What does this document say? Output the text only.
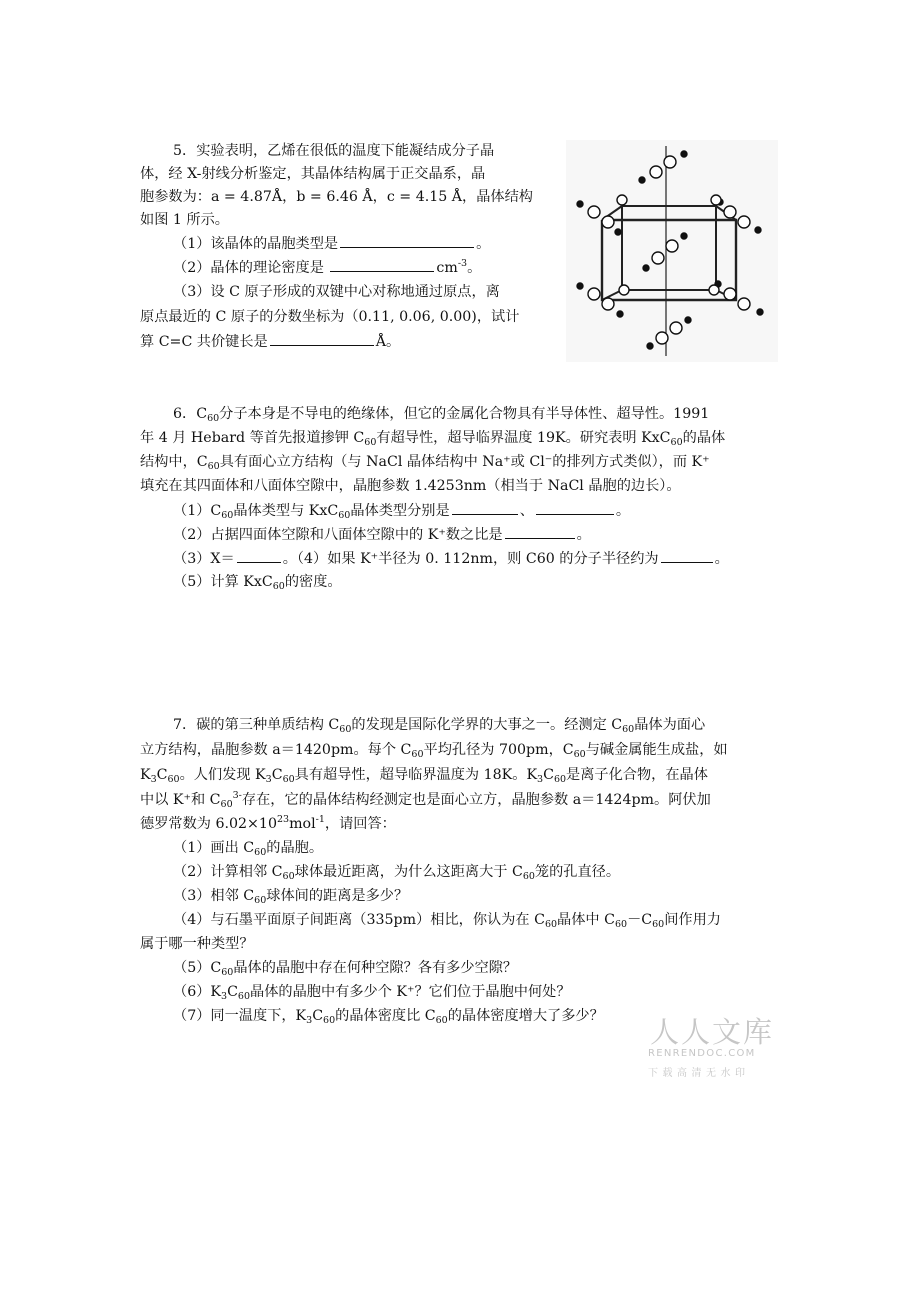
5．实验表明，乙烯在很低的温度下能凝结成分子晶
体，经 X-射线分析鉴定，其晶体结构属于正交晶系，晶
胞参数为：a = 4.87Å，b = 6.46 Å，c = 4.15 Å，晶体结构
如图 1 所示。
（1）该晶体的晶胞类型是	。
（2）晶体的理论密度是	$cm^{-3}$。
（3）设 C 原子形成的双键中心对称地通过原点，离
原点最近的 C 原子的分数坐标为（0.11, 0.06, 0.00)，试计
算 C=C 共价键长是	Å。
6．$C_{60}$分子本身是不导电的绝缘体，但它的金属化合物具有半导体性、超导性。1991
年 4 月 Hebard 等首先报道掺钾 $C_{60}$有超导性，超导临界温度 19K。研究表明 KxC$_{60}$的晶体
结构中，$C_{60}$具有面心立方结构（与 NaCl 晶体结构中 Na⁺或 Cl⁻的排列方式类似），而 K⁺
填充在其四面体和八面体空隙中，晶胞参数 1.4253nm（相当于 NaCl 晶胞的边长）。
$(1)C_{60}$晶体类型与 KxC$_{60}$晶体类型分别是	、	。
（2）占据四面体空隙和八面体空隙中的 K⁺数之比是	。
（3）X＝	。（4）如果 K⁺半径为 0. 112nm，则 C60 的分子半径约为	。
（5）计算 KxC$_{60}$的密度。
7．碳的第三种单质结构 $C_{60}$的发现是国际化学界的大事之一。经测定 $C_{60}$晶体为面心
立方结构，晶胞参数 a＝1420pm。每个 $C_{60}$平均孔径为 700pm，$C_{60}$与碱金属能生成盐，如
$K_3C_{60}$。人们发现 $K_3C_{60}$具有超导性，超导临界温度为 18K。$K_3C_{60}$是离子化合物，在晶体
中以 K⁺和 $C_{60}^{3-}$存在，它的晶体结构经测定也是面心立方，晶胞参数 a＝1424pm。阿伏加
德罗常数为 $6.02\times 10^{23}mol^{-1}$，请回答：
（1）画出 $C_{60}$的晶胞。
（2）计算相邻 $C_{60}$球体最近距离，为什么这距离大于 $C_{60}$笼的孔直径。
（3）相邻 $C_{60}$球体间的距离是多少？
（4）与石墨平面原子间距离（335pm）相比，你认为在 $C_{60}$晶体中 $C_{60}-C_{60}$间作用力
属于哪一种类型？
$(5)C_{60}$晶体的晶胞中存在何种空隙？各有多少空隙？
$(6)K_3C_{60}$晶体的晶胞中有多少个 K⁺？它们位于晶胞中何处？
（7）同一温度下，$K_3C_{60}$的晶体密度比 $C_{60}$的晶体密度增大了多少？ 人人文库
RENRENDOC.COM
下载高清无水印
